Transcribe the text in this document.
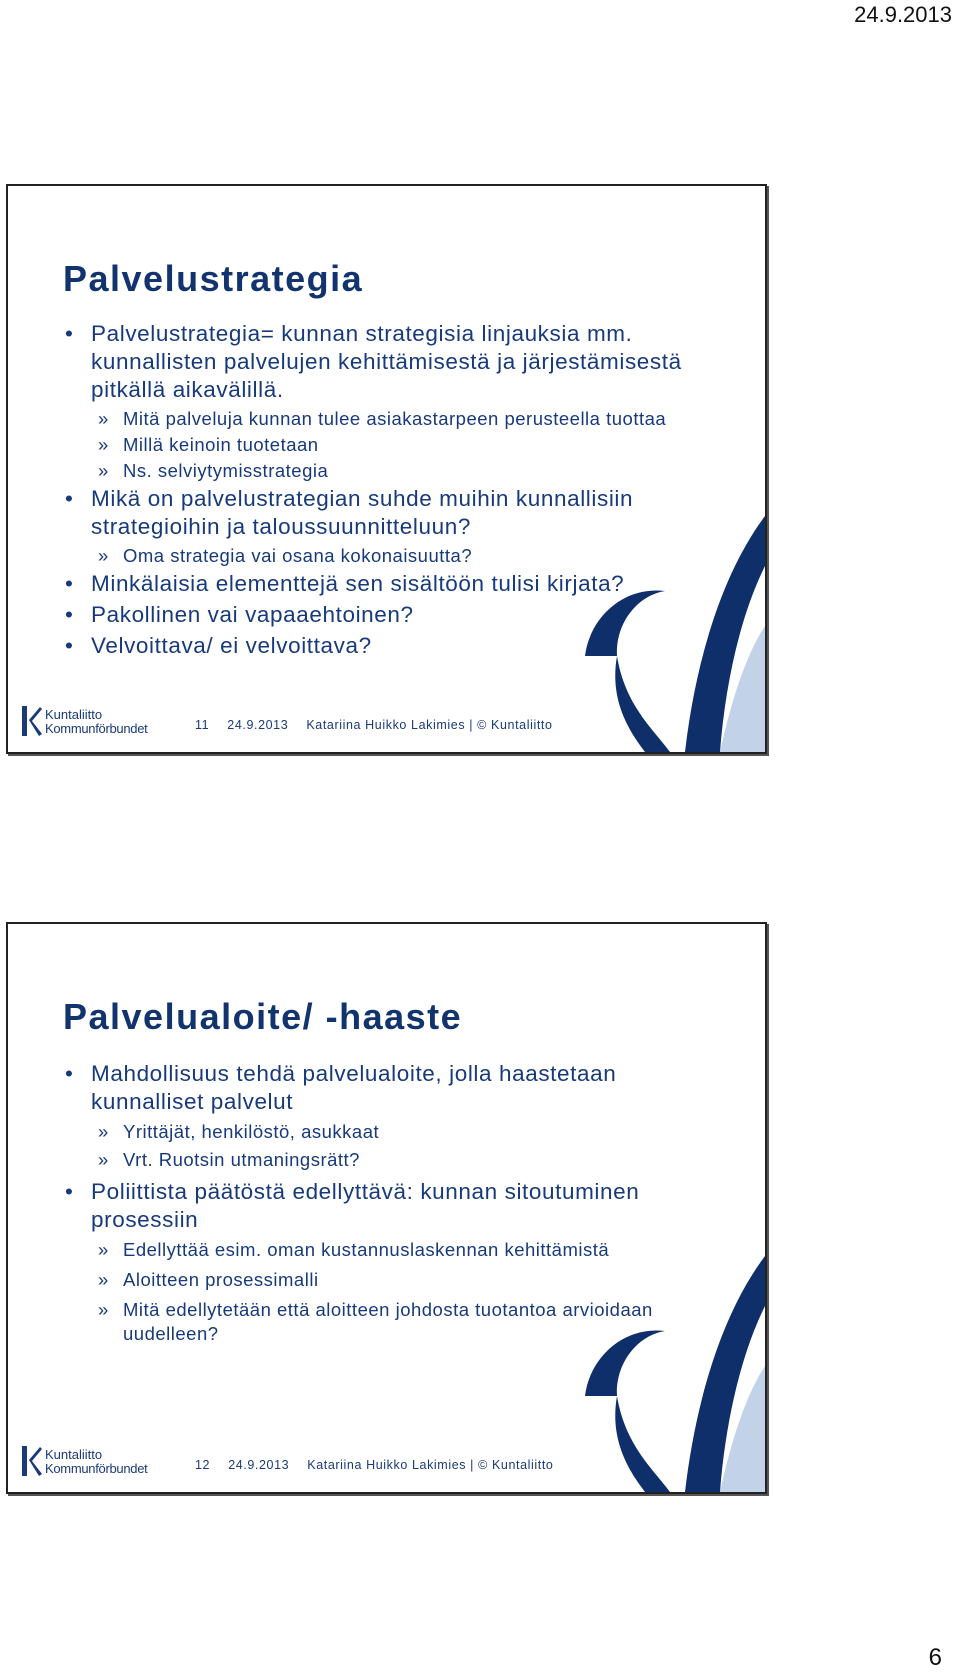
24.9.2013
Palvelustrategia
• Palvelustrategia= kunnan strategisia linjauksia mm. kunnallisten palvelujen kehittämisestä ja järjestämisestä pitkällä aikavälillä.
» Mitä palveluja kunnan tulee asiakastarpeen perusteella tuottaa
» Millä keinoin tuotetaan
» Ns. selviytymisstrategia
• Mikä on palvelustrategian suhde muihin kunnallisiin strategioihin ja taloussuunnitteluun?
» Oma strategia vai osana kokonaisuutta?
• Minkälaisia elementtejä sen sisältöön tulisi kirjata?
• Pakollinen vai vapaaehtoinen?
• Velvoittava/ ei velvoittava?
Kuntaliitto
Kommunförbundet	11 24.9.2013 Katariina Huikko Lakimies | © Kuntaliitto
Palvelualoite/ -haaste
• Mahdollisuus tehdä palvelualoite, jolla haastetaan kunnalliset palvelut
» Yrittäjät, henkilöstö, asukkaat
» Vrt. Ruotsin utmaningsrätt?
• Poliittista päätöstä edellyttävä: kunnan sitoutuminen prosessiin
» Edellyttää esim. oman kustannuslaskennan kehittämistä
» Aloitteen prosessimalli
» Mitä edellytetään että aloitteen johdosta tuotantoa arvioidaan uudelleen?
Kuntaliitto
Kommunförbundet	12 24.9.2013 Katariina Huikko Lakimies | © Kuntaliitto
6
